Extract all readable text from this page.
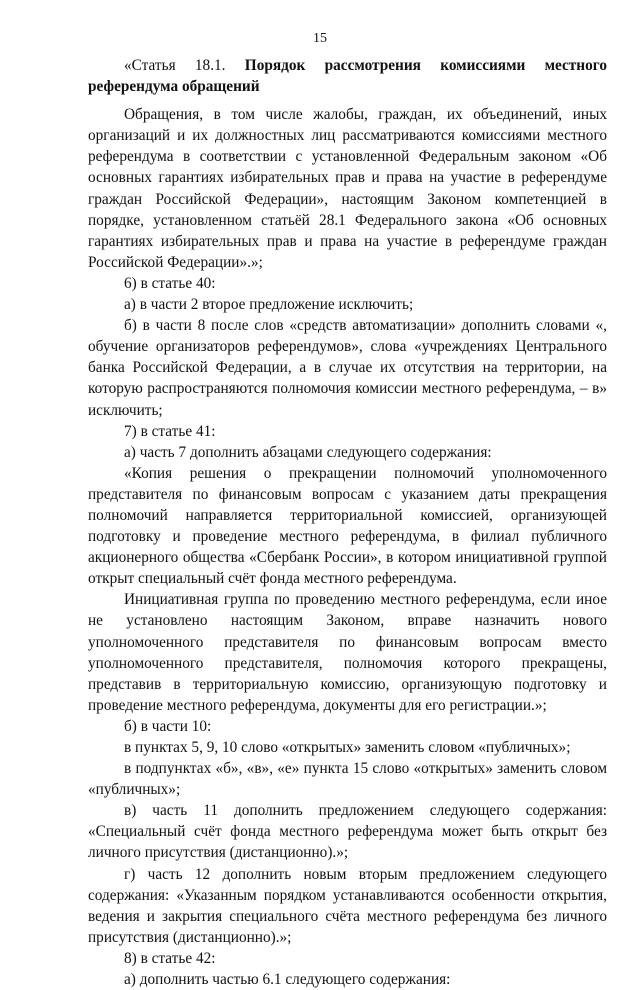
15
«Статья 18.1. Порядок рассмотрения комиссиями местного референдума обращений

Обращения, в том числе жалобы, граждан, их объединений, иных организаций и их должностных лиц рассматриваются комиссиями местного референдума в соответствии с установленной Федеральным законом «Об основных гарантиях избирательных прав и права на участие в референдуме граждан Российской Федерации», настоящим Законом компетенцией в порядке, установленном статьёй 28.1 Федерального закона «Об основных гарантиях избирательных прав и права на участие в референдуме граждан Российской Федерации».»;

6) в статье 40:

а) в части 2 второе предложение исключить;

б) в части 8 после слов «средств автоматизации» дополнить словами «, обучение организаторов референдумов», слова «учреждениях Центрального банка Российской Федерации, а в случае их отсутствия на территории, на которую распространяются полномочия комиссии местного референдума, – в» исключить;

7) в статье 41:

а) часть 7 дополнить абзацами следующего содержания:

«Копия решения о прекращении полномочий уполномоченного представителя по финансовым вопросам с указанием даты прекращения полномочий направляется территориальной комиссией, организующей подготовку и проведение местного референдума, в филиал публичного акционерного общества «Сбербанк России», в котором инициативной группой открыт специальный счёт фонда местного референдума.

Инициативная группа по проведению местного референдума, если иное не установлено настоящим Законом, вправе назначить нового уполномоченного представителя по финансовым вопросам вместо уполномоченного представителя, полномочия которого прекращены, представив в территориальную комиссию, организующую подготовку и проведение местного референдума, документы для его регистрации.»;

б) в части 10:

в пунктах 5, 9, 10 слово «открытых» заменить словом «публичных»;

в подпунктах «б», «в», «е» пункта 15 слово «открытых» заменить словом «публичных»;

в) часть 11 дополнить предложением следующего содержания: «Специальный счёт фонда местного референдума может быть открыт без личного присутствия (дистанционно).»;

г) часть 12 дополнить новым вторым предложением следующего содержания: «Указанным порядком устанавливаются особенности открытия, ведения и закрытия специального счёта местного референдума без личного присутствия (дистанционно).»;

8) в статье 42:

а) дополнить частью 6.1 следующего содержания:
